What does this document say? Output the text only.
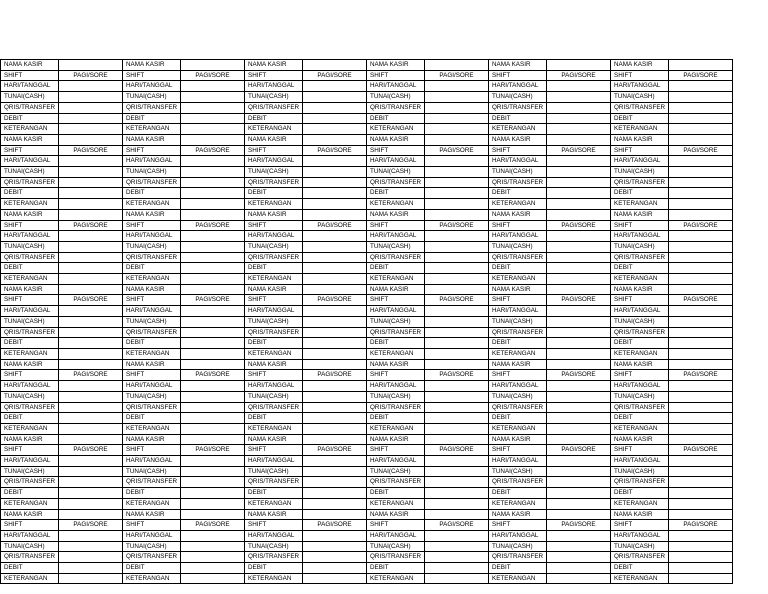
NAMA KASIR		NAMA KASIR		NAMA KASIR		NAMA KASIR		NAMA KASIR		NAMA KASIR	
SHIFT	PAGI/SORE	SHIFT	PAGI/SORE	SHIFT	PAGI/SORE	SHIFT	PAGI/SORE	SHIFT	PAGI/SORE	SHIFT	PAGI/SORE
HARI/TANGGAL		HARI/TANGGAL		HARI/TANGGAL		HARI/TANGGAL		HARI/TANGGAL		HARI/TANGGAL	
TUNAI(CASH)		TUNAI(CASH)		TUNAI(CASH)		TUNAI(CASH)		TUNAI(CASH)		TUNAI(CASH)	
QRIS/TRANSFER		QRIS/TRANSFER		QRIS/TRANSFER		QRIS/TRANSFER		QRIS/TRANSFER		QRIS/TRANSFER	
DEBIT		DEBIT		DEBIT		DEBIT		DEBIT		DEBIT	
KETERANGAN		KETERANGAN		KETERANGAN		KETERANGAN		KETERANGAN		KETERANGAN	
NAMA KASIR		NAMA KASIR		NAMA KASIR		NAMA KASIR		NAMA KASIR		NAMA KASIR	
SHIFT	PAGI/SORE	SHIFT	PAGI/SORE	SHIFT	PAGI/SORE	SHIFT	PAGI/SORE	SHIFT	PAGI/SORE	SHIFT	PAGI/SORE
HARI/TANGGAL		HARI/TANGGAL		HARI/TANGGAL		HARI/TANGGAL		HARI/TANGGAL		HARI/TANGGAL	
TUNAI(CASH)		TUNAI(CASH)		TUNAI(CASH)		TUNAI(CASH)		TUNAI(CASH)		TUNAI(CASH)	
QRIS/TRANSFER		QRIS/TRANSFER		QRIS/TRANSFER		QRIS/TRANSFER		QRIS/TRANSFER		QRIS/TRANSFER	
DEBIT		DEBIT		DEBIT		DEBIT		DEBIT		DEBIT	
KETERANGAN		KETERANGAN		KETERANGAN		KETERANGAN		KETERANGAN		KETERANGAN	
NAMA KASIR		NAMA KASIR		NAMA KASIR		NAMA KASIR		NAMA KASIR		NAMA KASIR	
SHIFT	PAGI/SORE	SHIFT	PAGI/SORE	SHIFT	PAGI/SORE	SHIFT	PAGI/SORE	SHIFT	PAGI/SORE	SHIFT	PAGI/SORE
HARI/TANGGAL		HARI/TANGGAL		HARI/TANGGAL		HARI/TANGGAL		HARI/TANGGAL		HARI/TANGGAL	
TUNAI(CASH)		TUNAI(CASH)		TUNAI(CASH)		TUNAI(CASH)		TUNAI(CASH)		TUNAI(CASH)	
QRIS/TRANSFER		QRIS/TRANSFER		QRIS/TRANSFER		QRIS/TRANSFER		QRIS/TRANSFER		QRIS/TRANSFER	
DEBIT		DEBIT		DEBIT		DEBIT		DEBIT		DEBIT	
KETERANGAN		KETERANGAN		KETERANGAN		KETERANGAN		KETERANGAN		KETERANGAN	
NAMA KASIR		NAMA KASIR		NAMA KASIR		NAMA KASIR		NAMA KASIR		NAMA KASIR	
SHIFT	PAGI/SORE	SHIFT	PAGI/SORE	SHIFT	PAGI/SORE	SHIFT	PAGI/SORE	SHIFT	PAGI/SORE	SHIFT	PAGI/SORE
HARI/TANGGAL		HARI/TANGGAL		HARI/TANGGAL		HARI/TANGGAL		HARI/TANGGAL		HARI/TANGGAL	
TUNAI(CASH)		TUNAI(CASH)		TUNAI(CASH)		TUNAI(CASH)		TUNAI(CASH)		TUNAI(CASH)	
QRIS/TRANSFER		QRIS/TRANSFER		QRIS/TRANSFER		QRIS/TRANSFER		QRIS/TRANSFER		QRIS/TRANSFER	
DEBIT		DEBIT		DEBIT		DEBIT		DEBIT		DEBIT	
KETERANGAN		KETERANGAN		KETERANGAN		KETERANGAN		KETERANGAN		KETERANGAN	
NAMA KASIR		NAMA KASIR		NAMA KASIR		NAMA KASIR		NAMA KASIR		NAMA KASIR	
SHIFT	PAGI/SORE	SHIFT	PAGI/SORE	SHIFT	PAGI/SORE	SHIFT	PAGI/SORE	SHIFT	PAGI/SORE	SHIFT	PAGI/SORE
HARI/TANGGAL		HARI/TANGGAL		HARI/TANGGAL		HARI/TANGGAL		HARI/TANGGAL		HARI/TANGGAL	
TUNAI(CASH)		TUNAI(CASH)		TUNAI(CASH)		TUNAI(CASH)		TUNAI(CASH)		TUNAI(CASH)	
QRIS/TRANSFER		QRIS/TRANSFER		QRIS/TRANSFER		QRIS/TRANSFER		QRIS/TRANSFER		QRIS/TRANSFER	
DEBIT		DEBIT		DEBIT		DEBIT		DEBIT		DEBIT	
KETERANGAN		KETERANGAN		KETERANGAN		KETERANGAN		KETERANGAN		KETERANGAN	
NAMA KASIR		NAMA KASIR		NAMA KASIR		NAMA KASIR		NAMA KASIR		NAMA KASIR	
SHIFT	PAGI/SORE	SHIFT	PAGI/SORE	SHIFT	PAGI/SORE	SHIFT	PAGI/SORE	SHIFT	PAGI/SORE	SHIFT	PAGI/SORE
HARI/TANGGAL		HARI/TANGGAL		HARI/TANGGAL		HARI/TANGGAL		HARI/TANGGAL		HARI/TANGGAL	
TUNAI(CASH)		TUNAI(CASH)		TUNAI(CASH)		TUNAI(CASH)		TUNAI(CASH)		TUNAI(CASH)	
QRIS/TRANSFER		QRIS/TRANSFER		QRIS/TRANSFER		QRIS/TRANSFER		QRIS/TRANSFER		QRIS/TRANSFER	
DEBIT		DEBIT		DEBIT		DEBIT		DEBIT		DEBIT	
KETERANGAN		KETERANGAN		KETERANGAN		KETERANGAN		KETERANGAN		KETERANGAN	
NAMA KASIR		NAMA KASIR		NAMA KASIR		NAMA KASIR		NAMA KASIR		NAMA KASIR	
SHIFT	PAGI/SORE	SHIFT	PAGI/SORE	SHIFT	PAGI/SORE	SHIFT	PAGI/SORE	SHIFT	PAGI/SORE	SHIFT	PAGI/SORE
HARI/TANGGAL		HARI/TANGGAL		HARI/TANGGAL		HARI/TANGGAL		HARI/TANGGAL		HARI/TANGGAL	
TUNAI(CASH)		TUNAI(CASH)		TUNAI(CASH)		TUNAI(CASH)		TUNAI(CASH)		TUNAI(CASH)	
QRIS/TRANSFER		QRIS/TRANSFER		QRIS/TRANSFER		QRIS/TRANSFER		QRIS/TRANSFER		QRIS/TRANSFER	
DEBIT		DEBIT		DEBIT		DEBIT		DEBIT		DEBIT	
KETERANGAN		KETERANGAN		KETERANGAN		KETERANGAN		KETERANGAN		KETERANGAN	
